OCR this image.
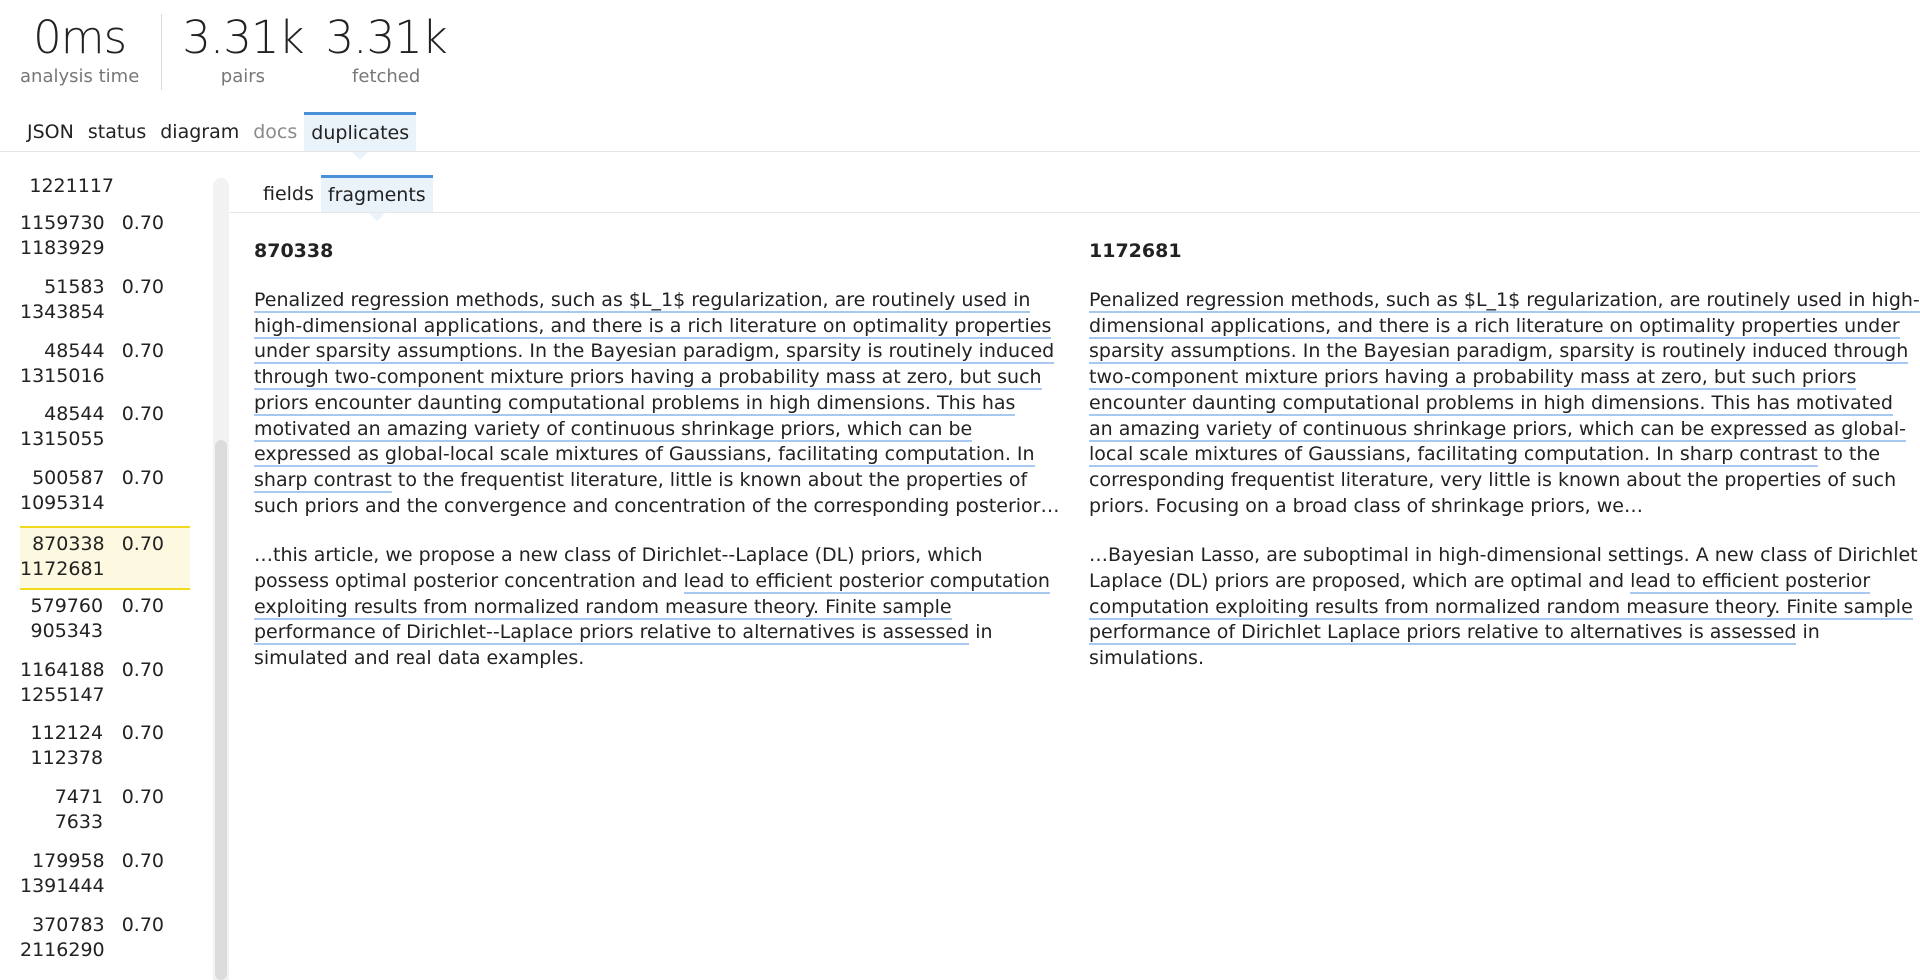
0ms
analysis time
3.31k
pairs
3.31k
fetched
JSON status diagram docs duplicates
1221117
1159730
1183929
0.70
51583
1343854
0.70
48544
1315016
0.70
48544
1315055
0.70
500587
1095314
0.70
870338
1172681
0.70
579760
905343
0.70
1164188
1255147
0.70
112124
112378
0.70
7471
7633
0.70
179958
1391444
0.70
370783
2116290
0.70
fields fragments
870338
Penalized regression methods, such as $L_1$ regularization, are routinely used in high-dimensional applications, and there is a rich literature on optimality properties under sparsity assumptions. In the Bayesian paradigm, sparsity is routinely induced through two-component mixture priors having a probability mass at zero, but such priors encounter daunting computational problems in high dimensions. This has motivated an amazing variety of continuous shrinkage priors, which can be expressed as global-local scale mixtures of Gaussians, facilitating computation. In sharp contrast to the frequentist literature, little is known about the properties of such priors and the convergence and concentration of the corresponding posterior…
…this article, we propose a new class of Dirichlet--Laplace (DL) priors, which possess optimal posterior concentration and lead to efficient posterior computation exploiting results from normalized random measure theory. Finite sample performance of Dirichlet--Laplace priors relative to alternatives is assessed in simulated and real data examples.
1172681
Penalized regression methods, such as $L_1$ regularization, are routinely used in high-dimensional applications, and there is a rich literature on optimality properties under sparsity assumptions. In the Bayesian paradigm, sparsity is routinely induced through two-component mixture priors having a probability mass at zero, but such priors encounter daunting computational problems in high dimensions. This has motivated an amazing variety of continuous shrinkage priors, which can be expressed as global-local scale mixtures of Gaussians, facilitating computation. In sharp contrast to the corresponding frequentist literature, very little is known about the properties of such priors. Focusing on a broad class of shrinkage priors, we…
…Bayesian Lasso, are suboptimal in high-dimensional settings. A new class of Dirichlet Laplace (DL) priors are proposed, which are optimal and lead to efficient posterior computation exploiting results from normalized random measure theory. Finite sample performance of Dirichlet Laplace priors relative to alternatives is assessed in simulations.
